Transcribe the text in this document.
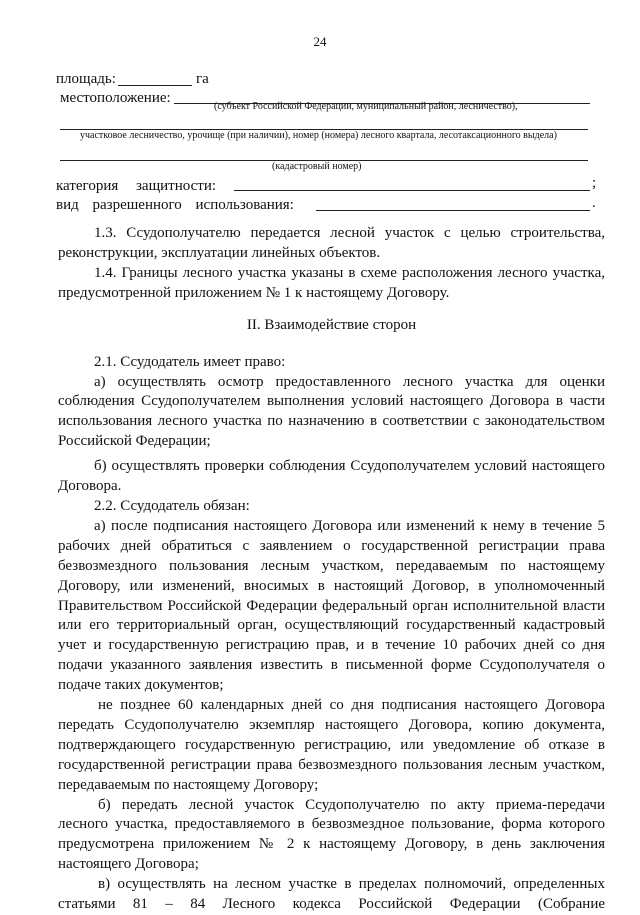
24
площадь:	га
местоположение:
(субъект Российской Федерации, муниципальный район, лесничество),
участковое лесничество, урочище (при наличии), номер (номера) лесного квартала, лесотаксационного выдела)
(кадастровый номер)
категория защитности:	;
вид разрешенного использования:	.

1.3. Ссудополучателю передается лесной участок с целью строительства, реконструкции, эксплуатации линейных объектов.

1.4. Границы лесного участка указаны в схеме расположения лесного участка, предусмотренной приложением № 1 к настоящему Договору.

II. Взаимодействие сторон

2.1. Ссудодатель имеет право:

а) осуществлять осмотр предоставленного лесного участка для оценки соблюдения Ссудополучателем выполнения условий настоящего Договора в части использования лесного участка по назначению в соответствии с законодательством Российской Федерации;

б) осуществлять проверки соблюдения Ссудополучателем условий настоящего Договора.

2.2. Ссудодатель обязан:

а) после подписания настоящего Договора или изменений к нему в течение 5 рабочих дней обратиться с заявлением о государственной регистрации права безвозмездного пользования лесным участком, передаваемым по настоящему Договору, или изменений, вносимых в настоящий Договор, в уполномоченный Правительством Российской Федерации федеральный орган исполнительной власти или его территориальный орган, осуществляющий государственный кадастровый учет и государственную регистрацию прав, и в течение 10 рабочих дней со дня подачи указанного заявления известить в письменной форме Ссудополучателя о подаче таких документов;

не позднее 60 календарных дней со дня подписания настоящего Договора передать Ссудополучателю экземпляр настоящего Договора, копию документа, подтверждающего государственную регистрацию, или уведомление об отказе в государственной регистрации права безвозмездного пользования лесным участком, передаваемым по настоящему Договору;

б) передать лесной участок Ссудополучателю по акту приема-передачи лесного участка, предоставляемого в безвозмездное пользование, форма которого предусмотрена приложением № 2 к настоящему Договору, в день заключения настоящего Договора;

в) осуществлять на лесном участке в пределах полномочий, определенных статьями 81 – 84 Лесного кодекса Российской Федерации (Собрание
